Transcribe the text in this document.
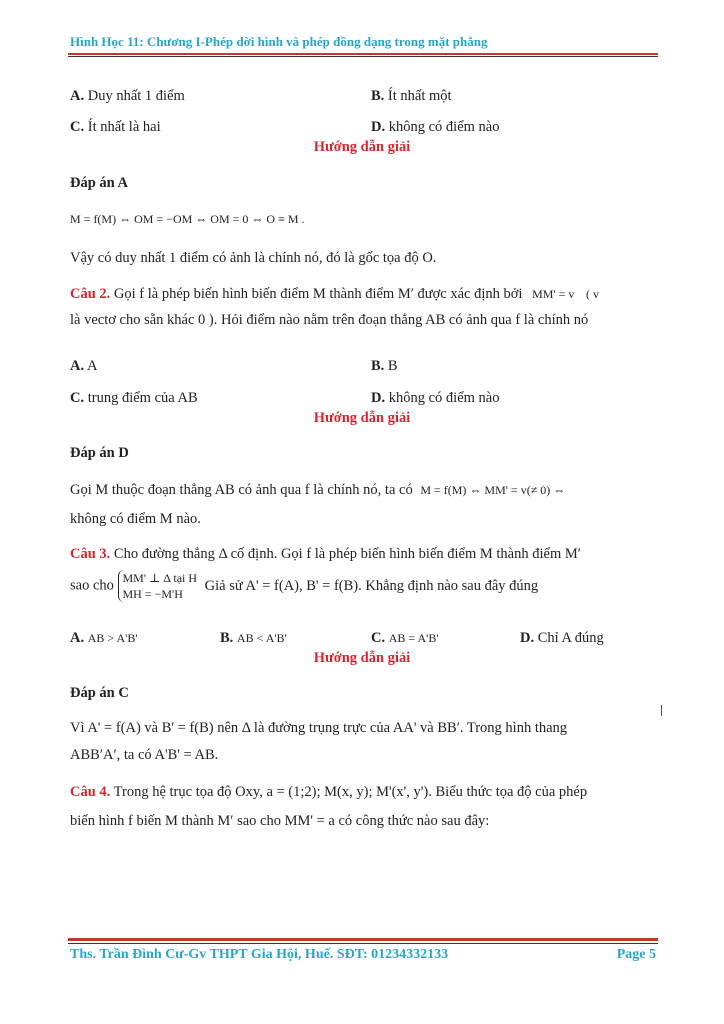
Hình Học 11: Chương I-Phép dời hình và phép đồng dạng trong mặt phẳng
A. Duy nhất 1 điểm	B. Ít nhất một
C. Ít nhất là hai	D. không có điểm nào
Hướng dẫn giải
Đáp án A
M = f(M) ⇔ OM = −OM ⇔ OM = 0 ⇔ O ≡ M .
Vậy có duy nhất 1 điểm có ảnh là chính nó, đó là gốc tọa độ O.
Câu 2. Gọi f là phép biến hình biến điểm M thành điểm M′ được xác định bởi MM' = v ( v
là vectơ cho sẵn khác 0 ). Hỏi điểm nào nằm trên đoạn thẳng AB có ảnh qua f là chính nó
A. A	B. B
C. trung điểm của AB	D. không có điểm nào
Hướng dẫn giải
Đáp án D
Gọi M thuộc đoạn thẳng AB có ảnh qua f là chính nó, ta có M = f(M) ⇔ MM' = v(≠ 0) ⇔
không có điểm M nào.
Câu 3. Cho đường thẳng Δ cố định. Gọi f là phép biến hình biến điểm M thành điểm M′
sao cho MM' ⊥ Δ tại H
MH = −M'H
Giả sử A' = f(A), B' = f(B). Khẳng định nào sau đây đúng
A. AB > A'B'	B. AB < A'B'	C. AB = A'B'	D. Chỉ A đúng
Hướng dẫn giải
Đáp án C
Vì A' = f(A) và B' = f(B) nên Δ là đường trụng trực của AA' và BB′. Trong hình thang
ABB′A′, ta có A'B' = AB.
Câu 4. Trong hệ trục tọa độ Oxy, a = (1;2); M(x, y); M'(x', y'). Biểu thức tọa độ của phép
biến hình f biến M thành M′ sao cho MM' = a có công thức nào sau đây:
Ths. Trần Đình Cư-Gv THPT Gia Hội, Huế. SĐT: 01234332133	Page 5
